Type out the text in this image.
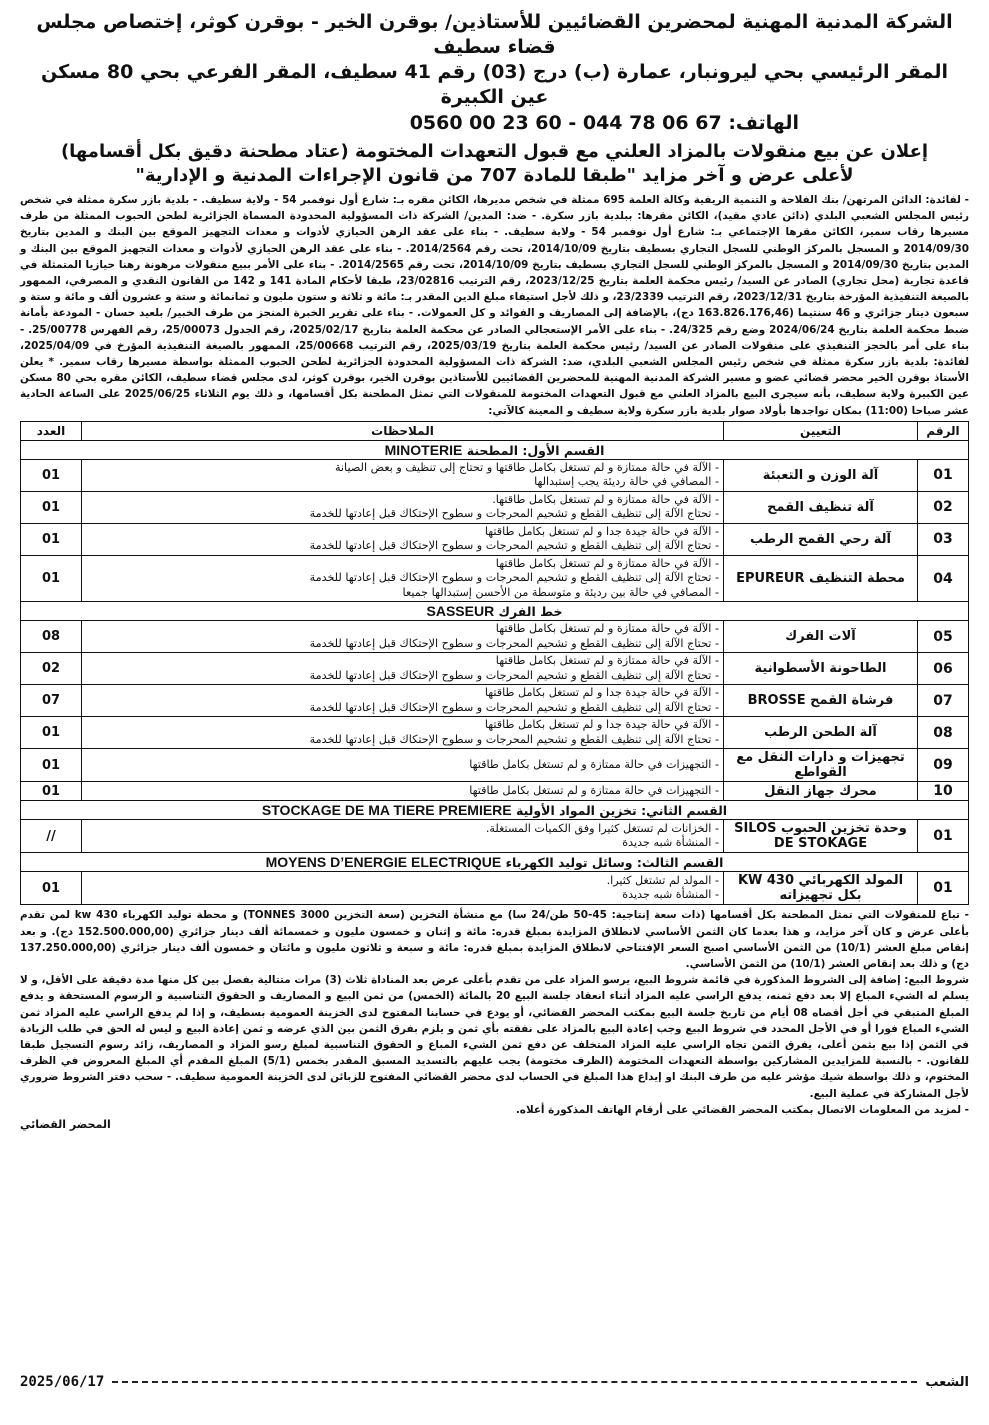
الشركة المدنية المهنية لمحضرين القضائيين للأستاذين/ بوقرن الخير - بوقرن كوثر، إختصاص مجلس قضاء سطيف

المقر الرئيسي بحي ليرونبار، عمارة (ب) درج (03) رقم 41 سطيف، المقر الفرعي بحي 80 مسكن عين الكبيرة

الهاتف: 0560 00 23 60 - 044 78 06 67

إعلان عن بيع منقولات بالمزاد العلني مع قبول التعهدات المختومة (عتاد مطحنة دقيق بكل أقسامها)
لأعلى عرض و آخر مزايد "طبقا للمادة 707 من قانون الإجراءات المدنية و الإدارية"

- لفائدة: الدائن المرتهن/ بنك الفلاحة و التنمية الريفية وكالة العلمة 695 ممثلة في شخص مديرها، الكائن مقره بـ: شارع أول نوفمبر 54 - ولاية سطيف. - بلدية بازر سكرة ممثلة في شخص رئيس المجلس الشعبي البلدي (دائن عادي مقيد)، الكائن مقرها: ببلدية بازر سكرة. - ضد: المدين/ الشركة ذات المسؤولية المحدودة المسماة الجزائرية لطحن الحبوب الممثلة من طرف مسيرها رقاب سمير، الكائن مقرها الإجتماعي بـ: شارع أول نوفمبر 54 - ولاية سطيف. - بناء على عقد الرهن الحيازي لأدوات و معدات التجهيز الموقع بين البنك و المدين بتاريخ 2014/09/30 و المسجل بالمركز الوطني للسجل التجاري بسطيف بتاريخ 2014/10/09، تحت رقم 2014/2564. - بناء على عقد الرهن الحيازي لأدوات و معدات التجهيز الموقع بين البنك و المدين بتاريخ 2014/09/30 و المسجل بالمركز الوطني للسجل التجاري بسطيف بتاريخ 2014/10/09، تحت رقم 2014/2565. - بناء على الأمر ببيع منقولات مرهونة رهنا حيازيا المتمثلة في قاعدة تجارية (محل تجاري) الصادر عن السيد/ رئيس محكمة العلمة بتاريخ 2023/12/25، رقم الترتيب 23/02816، طبقا لأحكام المادة 141 و 142 من القانون النقدي و المصرفي، الممهور بالصيغة التنفيذية المؤرخة بتاريخ 2023/12/31، رقم الترتيب 23/2339، و ذلك لأجل استيفاء مبلغ الدين المقدر بـ: مائة و ثلاثة و ستون مليون و ثمانمائة و ستة و عشرون ألف و مائة و ستة و سبعون دينار جزائري و 46 سنتيما (163.826.176,46 دج)، بالإضافة إلى المصاريف و الفوائد و كل العمولات. - بناء على تقرير الخبرة المنجز من طرف الخبير/ بلعيد حسان - المودعة بأمانة ضبط محكمة العلمة بتاريخ 2024/06/24 وضع رقم 24/325. - بناء على الأمر الإستعجالي الصادر عن محكمة العلمة بتاريخ 2025/02/17، رقم الجدول 25/00073، رقم الفهرس 25/00778. - بناء على أمر بالحجز التنفيذي على منقولات الصادر عن السيد/ رئيس محكمة العلمة بتاريخ 2025/03/19، رقم الترتيب 25/00668، الممهور بالصيغة التنفيذية المؤرخ في 2025/04/09، لفائدة: بلدية بازر سكرة ممثلة في شخص رئيس المجلس الشعبي البلدي، ضد: الشركة ذات المسؤولية المحدودة الجزائرية لطحن الحبوب الممثلة بواسطة مسيرها رقاب سمير. * يعلن الأستاذ بوقرن الخير محضر قضائي عضو و مسير الشركة المدنية المهنية للمحضرين القضائيين للأستاذين بوقرن الخير، بوقرن كوثر، لدى مجلس قضاء سطيف، الكائن مقره بحي 80 مسكن عين الكبيرة ولاية سطيف، بأنه سيجرى البيع بالمزاد العلني مع قبول التعهدات المختومة للمنقولات التي تمثل المطحنة بكل أقسامها، و ذلك يوم الثلاثاء 2025/06/25 على الساعة الحادية عشر صباحا (11:00) بمكان تواجدها بأولاد صوار بلدية بازر سكرة ولاية سطيف و المعينة كالآتي:

الرقم	التعيين	الملاحظات	العدد
القسم الأول: المطحنة MINOTERIE			
01	آلة الوزن و التعبئة	- الآلة في حالة ممتازة و لم تستغل بكامل طاقتها و تحتاج إلى تنظيف و بعض الصيانة
- المصافي في حالة رديئة يجب إستبدالها	01
02	آلة تنظيف القمح	- الآلة في حالة ممتازة و لم تستغل بكامل طاقتها.
- تحتاج الآلة إلى تنظيف القطع و تشحيم المحرجات و سطوح الإحتكاك قبل إعادتها للخدمة	01
03	آلة رحي القمح الرطب	- الآلة في حالة جيدة جدا و لم تستغل بكامل طاقتها
- تحتاج الآلة إلى تنظيف القطع و تشحيم المحرجات و سطوح الإحتكاك قبل إعادتها للخدمة	01
04	محطة التنظيف EPUREUR	- الآلة في حالة ممتازة و لم تستغل بكامل طاقتها
- تحتاج الآلة إلى تنظيف القطع و تشحيم المحرجات و سطوح الإحتكاك قبل إعادتها للخدمة
- المصافي في حالة بين رديئة و متوسطة من الأحسن إستبدالها جميعا	01
خط الفرك SASSEUR			
05	آلات الفرك	- الآلة في حالة ممتازة و لم تستغل بكامل طاقتها
- تحتاج الآلة إلى تنظيف القطع و تشحيم المحرجات و سطوح الإحتكاك قبل إعادتها للخدمة	08
06	الطاحونة الأسطوانية	- الآلة في حالة ممتازة و لم تستغل بكامل طاقتها
- تحتاج الآلة إلى تنظيف القطع و تشحيم المحرجات و سطوح الإحتكاك قبل إعادتها للخدمة	02
07	فرشاة القمح BROSSE	- الآلة في حالة جيدة جدا و لم تستغل بكامل طاقتها
- تحتاج الآلة إلى تنظيف القطع و تشحيم المحرجات و سطوح الإحتكاك قبل إعادتها للخدمة	07
08	آلة الطحن الرطب	- الآلة في حالة جيدة جدا و لم تستغل بكامل طاقتها
- تحتاج الآلة إلى تنظيف القطع و تشحيم المحرجات و سطوح الإحتكاك قبل إعادتها للخدمة	01
09	تجهيزات و دارات النقل مع القواطع	- التجهيزات في حالة ممتازة و لم تستغل بكامل طاقتها	01
10	محرك جهاز النقل	- التجهيزات في حالة ممتازة و لم تستغل بكامل طاقتها	01
القسم الثاني: تخزين المواد الأولية STOCKAGE DE MA TIERE PREMIERE			
01	وحدة تخزين الحبوب SILOS DE STOKAGE	- الخزانات لم تستغل كثيرا وفق الكميات المستغلة.
- المنشأة شبه جديدة	//
القسم الثالث: وسائل توليد الكهرباء MOYENS D’ENERGIE ELECTRIQUE			
01	المولد الكهربائي 430 KW بكل تجهيزاته	- المولد لم تشتغل كثيرا.
- المنشأة شبه جديدة	01

- تباع للمنقولات التي تمثل المطحنة بكل أقسامها (ذات سعة إنتاجية: 45-50 طن/24 سا) مع منشأة التخزين (سعة التخزين 3000 TONNES) و محطة توليد الكهرباء 430 kw لمن تقدم بأعلى عرض و كان آخر مزايد، و هذا بعدما كان الثمن الأساسي لانطلاق المزايدة بمبلغ قدره: مائة و إثنان و خمسون مليون و خمسمائة ألف دينار جزائري (152.500.000,00 دج). و بعد إنقاص مبلغ العشر (10/1) من الثمن الأساسي اصبح السعر الإفتتاحي لانطلاق المزايدة بمبلغ قدره: مائة و سبعة و ثلاثون مليون و مائتان و خمسون ألف دينار جزائري (137.250.000,00 دج) و ذلك بعد إنقاص العشر (10/1) من الثمن الأساسي.

شروط البيع: إضافة إلى الشروط المذكورة في قائمة شروط البيع، يرسو المزاد على من تقدم بأعلى عرض بعد المناداة ثلاث (3) مرات متتالية بفصل بين كل منها مدة دقيقة على الأقل، و لا يسلم له الشيء المباع إلا بعد دفع ثمنه، يدفع الراسي عليه المزاد أثناء انعقاد جلسة البيع 20 بالمائة (الخمس) من ثمن البيع و المصاريف و الحقوق التناسبية و الرسوم المستحقة و يدفع المبلغ المتبقي في أجل أقصاه 08 أيام من تاريخ جلسة البيع بمكتب المحضر القضائي، أو يودع في حسابنا المفتوح لدى الخزينة العمومية بسطيف، و إذا لم يدفع الراسي عليه المزاد ثمن الشيء المباع فورا أو في الأجل المحدد في شروط البيع وجب إعادة البيع بالمزاد على نفقته بأي ثمن و يلزم بفرق الثمن بين الذي عرضه و ثمن إعادة البيع و ليس له الحق في طلب الزيادة في الثمن إذا بيع بثمن أعلى، يفرق الثمن تجاه الراسي عليه المزاد المتخلف عن دفع ثمن الشيء المباع و الحقوق التناسبية لمبلغ رسو المزاد و المصاريف، زائد رسوم التسجيل طبقا للقانون. - بالنسبة للمزايدين المشاركين بواسطة التعهدات المختومة (الظرف مختومة) يجب عليهم بالتسديد المسبق المقدر بخمس (5/1) المبلغ المقدم أي المبلغ المعروض في الظرف المختوم، و ذلك بواسطة شيك مؤشر عليه من طرف البنك او إيداع هذا المبلغ في الحساب لدى محضر القضائي المفتوح للزبائن لدى الخزينة العمومية سطيف. - سحب دفتر الشروط ضروري لأجل المشاركة في عملية البيع.

- لمزيد من المعلومات الاتصال بمكتب المحضر القضائي على أرقام الهاتف المذكورة أعلاه.

المحضر القضائي
الشعب
2025/06/17
